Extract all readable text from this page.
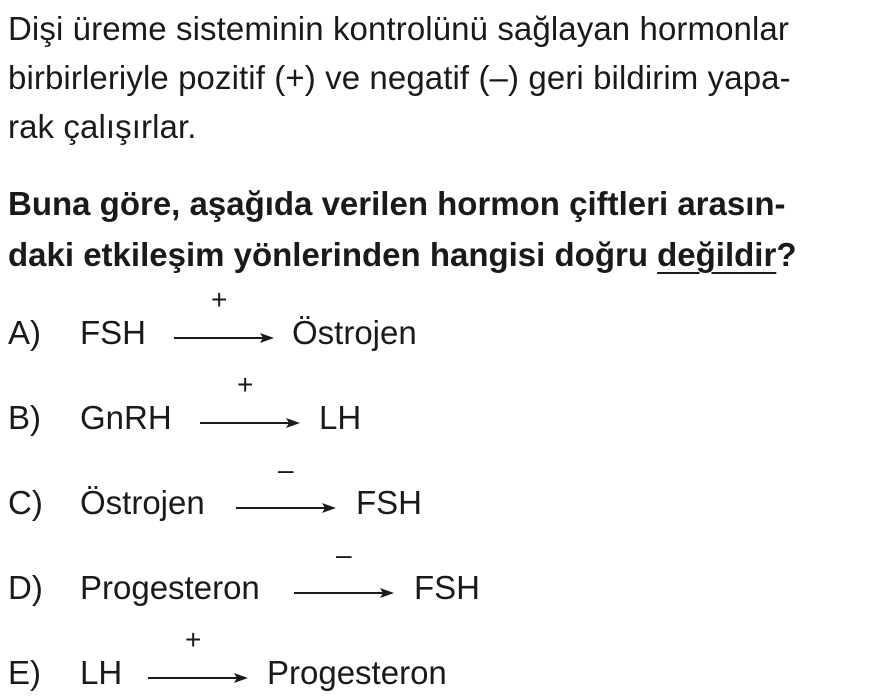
Dişi üreme sisteminin kontrolünü sağlayan hormonlar
birbirleriyle pozitif (+) ve negatif (–) geri bildirim yapa-
rak çalışırlar.
Buna göre, aşağıda verilen hormon çiftleri arasın-
daki etkileşim yönlerinden hangisi doğru değildir?
A) FSH
+
Östrojen
B) GnRH
+
LH
C) Östrojen
–
FSH
D) Progesteron
–
FSH
E) LH
+
Progesteron
